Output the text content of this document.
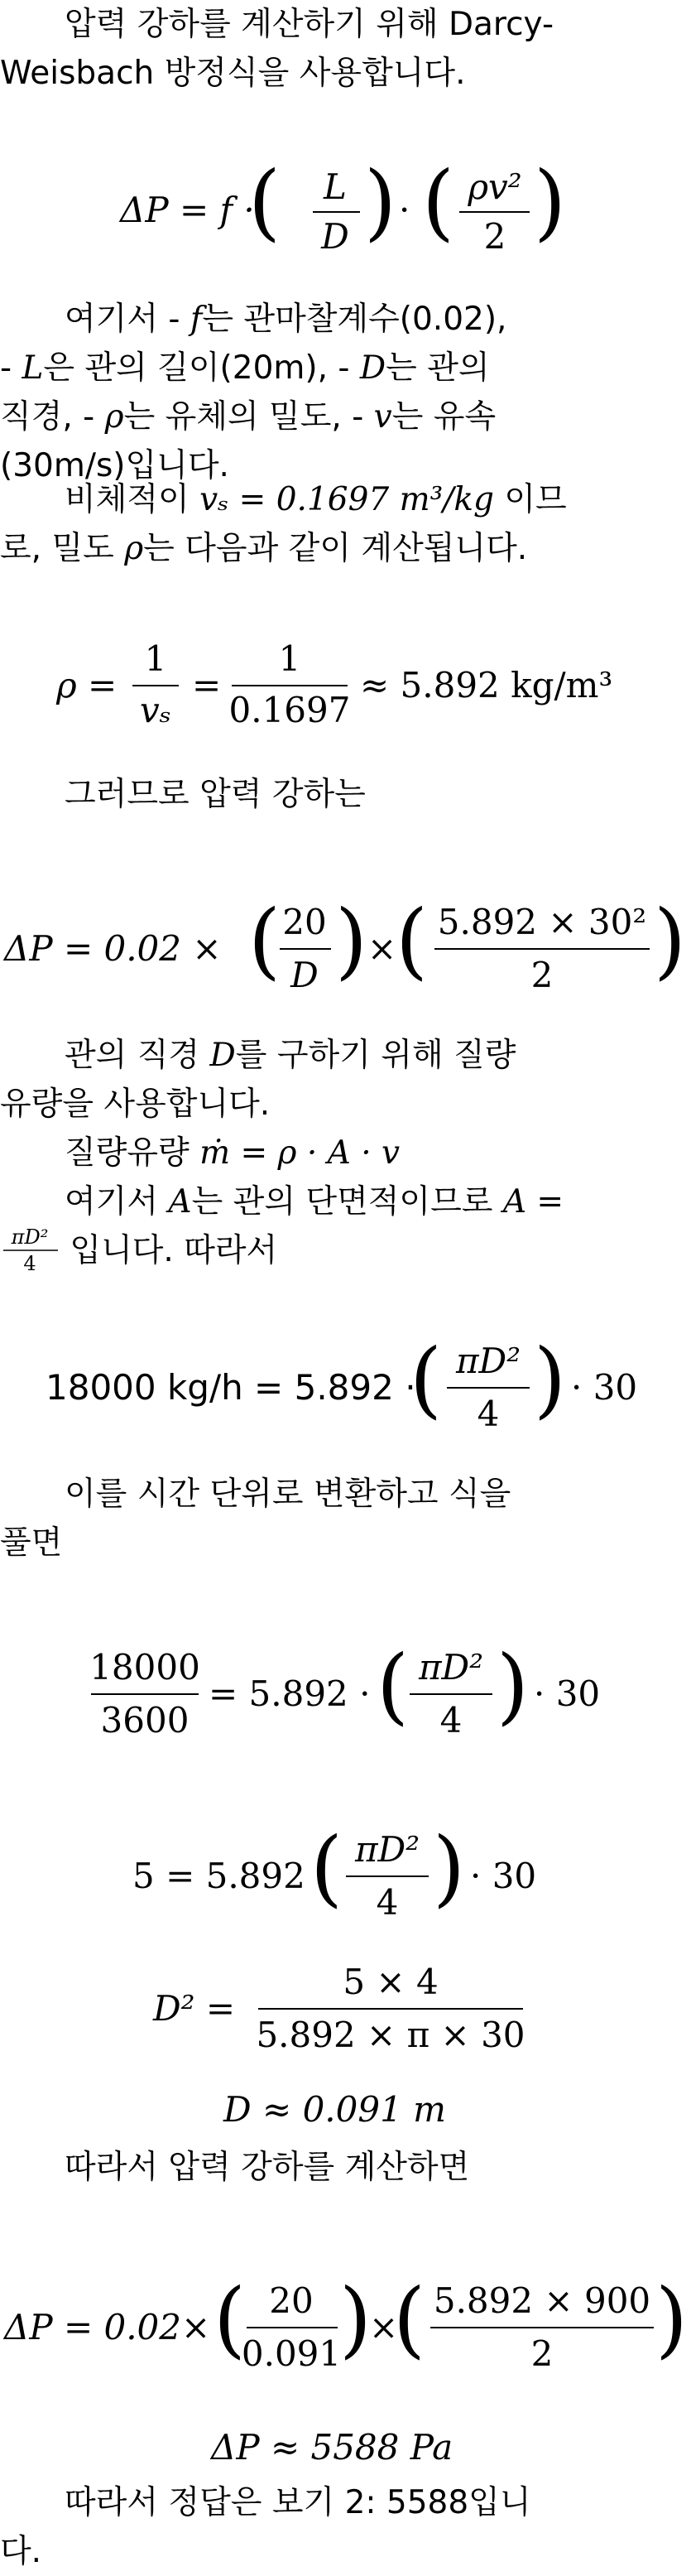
압력 강하를 계산하기 위해 Darcy-
Weisbach 방정식을 사용합니다.
ΔP = f ·
( L
D ) · ( ρv²
2 )
여기서 - f는 관마찰계수(0.02),
- L은 관의 길이(20m), - D는 관의
직경, - ρ는 유체의 밀도, - v는 유속
(30m/s)입니다.
비체적이 vₛ = 0.1697 m³/kg 이므
로, 밀도 ρ는 다음과 같이 계산됩니다.
ρ =
1
vₛ
=
1
0.1697
≈ 5.892 kg/m³
그러므로 압력 강하는
ΔP = 0.02 × ( 20
D ) ×
( 5.892 × 30²
2 )
관의 직경 D를 구하기 위해 질량
유량을 사용합니다.
질량유량 ṁ = ρ · A · v
여기서 A는 관의 단면적이므로 A =
πD²
4 입니다. 따라서
18000 kg/h = 5.892 ·
( πD²
4 ) · 30
이를 시간 단위로 변환하고 식을
풀면
18000
3600
= 5.892 · ( πD²
4 ) · 30
5 = 5.892 ·
( πD²
4 ) · 30
D² =
5 × 4
5.892 × π × 30
D ≈ 0.091 m
따라서 압력 강하를 계산하면
ΔP = 0.02× ( 20
0.091
)
×
( 5.892 × 900
2 )
ΔP ≈ 5588 Pa
따라서 정답은 보기 2: 5588입니
다.
